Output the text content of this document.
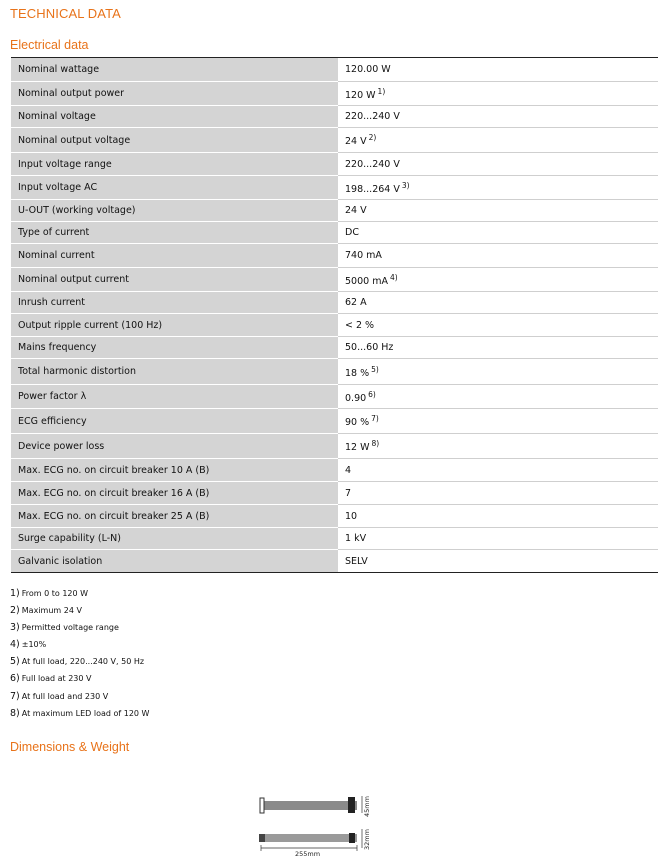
TECHNICAL DATA
Electrical data
Nominal wattage	120.00 W
Nominal output power	120 W $^{1)}$
Nominal voltage	220...240 V
Nominal output voltage	24 V $^{2)}$
Input voltage range	220...240 V
Input voltage AC	198...264 V $^{3)}$
U-OUT (working voltage)	24 V
Type of current	DC
Nominal current	740 mA
Nominal output current	5000 mA $^{4)}$
Inrush current	62 A
Output ripple current (100 Hz)	< 2 %
Mains frequency	50...60 Hz
Total harmonic distortion	18 % $^{5)}$
Power factor λ	0.90 $^{6)}$
ECG efficiency	90 % $^{7)}$
Device power loss	12 W $^{8)}$
Max. ECG no. on circuit breaker 10 A (B)	4
Max. ECG no. on circuit breaker 16 A (B)	7
Max. ECG no. on circuit breaker 25 A (B)	10
Surge capability (L-N)	1 kV
Galvanic isolation	SELV
1) From 0 to 120 W
2) Maximum 24 V
3) Permitted voltage range
4) ±10%
5) At full load, 220...240 V, 50 Hz
6) Full load at 230 V
7) At full load and 230 V
8) At maximum LED load of 120 W
Dimensions & Weight
255mm
45mm
32mm
